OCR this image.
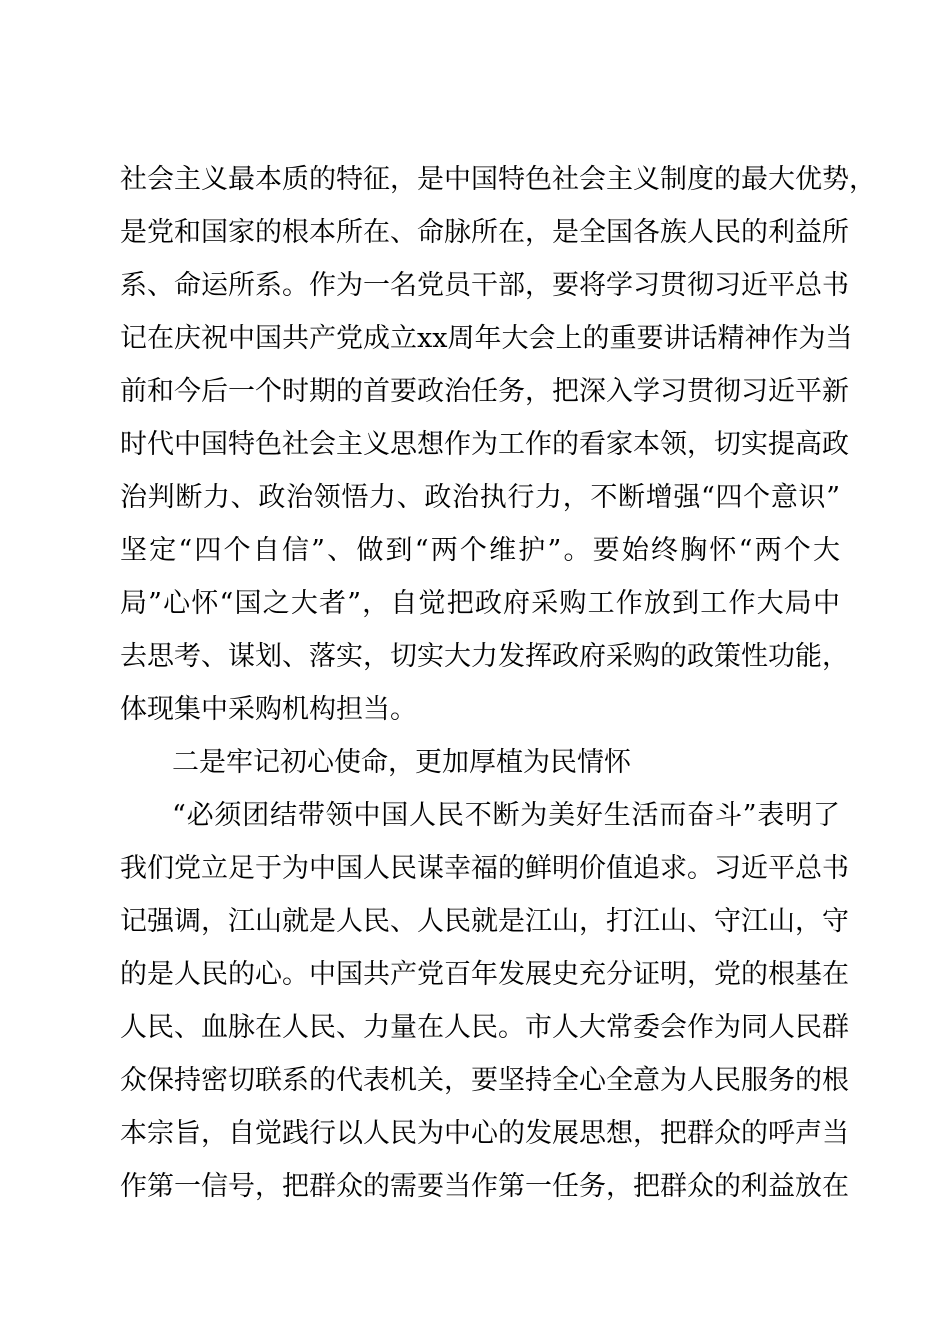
社会主义最本质的特征，是中国特色社会主义制度的最大优势，
是党和国家的根本所在、命脉所在，是全国各族人民的利益所
系、命运所系。作为一名党员干部，要将学习贯彻习近平总书
记在庆祝中国共产党成立xx周年大会上的重要讲话精神作为当
前和今后一个时期的首要政治任务，把深入学习贯彻习近平新
时代中国特色社会主义思想作为工作的看家本领，切实提高政
治判断力、政治领悟力、政治执行力，不断增强“四个意识”
坚定“四个自信”、做到“两个维护”。要始终胸怀“两个大
局”心怀“国之大者”，自觉把政府采购工作放到工作大局中
去思考、谋划、落实，切实大力发挥政府采购的政策性功能，
体现集中采购机构担当。
二是牢记初心使命，更加厚植为民情怀
“必须团结带领中国人民不断为美好生活而奋斗”表明了
我们党立足于为中国人民谋幸福的鲜明价值追求。习近平总书
记强调，江山就是人民、人民就是江山，打江山、守江山，守
的是人民的心。中国共产党百年发展史充分证明，党的根基在
人民、血脉在人民、力量在人民。市人大常委会作为同人民群
众保持密切联系的代表机关，要坚持全心全意为人民服务的根
本宗旨，自觉践行以人民为中心的发展思想，把群众的呼声当
作第一信号，把群众的需要当作第一任务，把群众的利益放在
